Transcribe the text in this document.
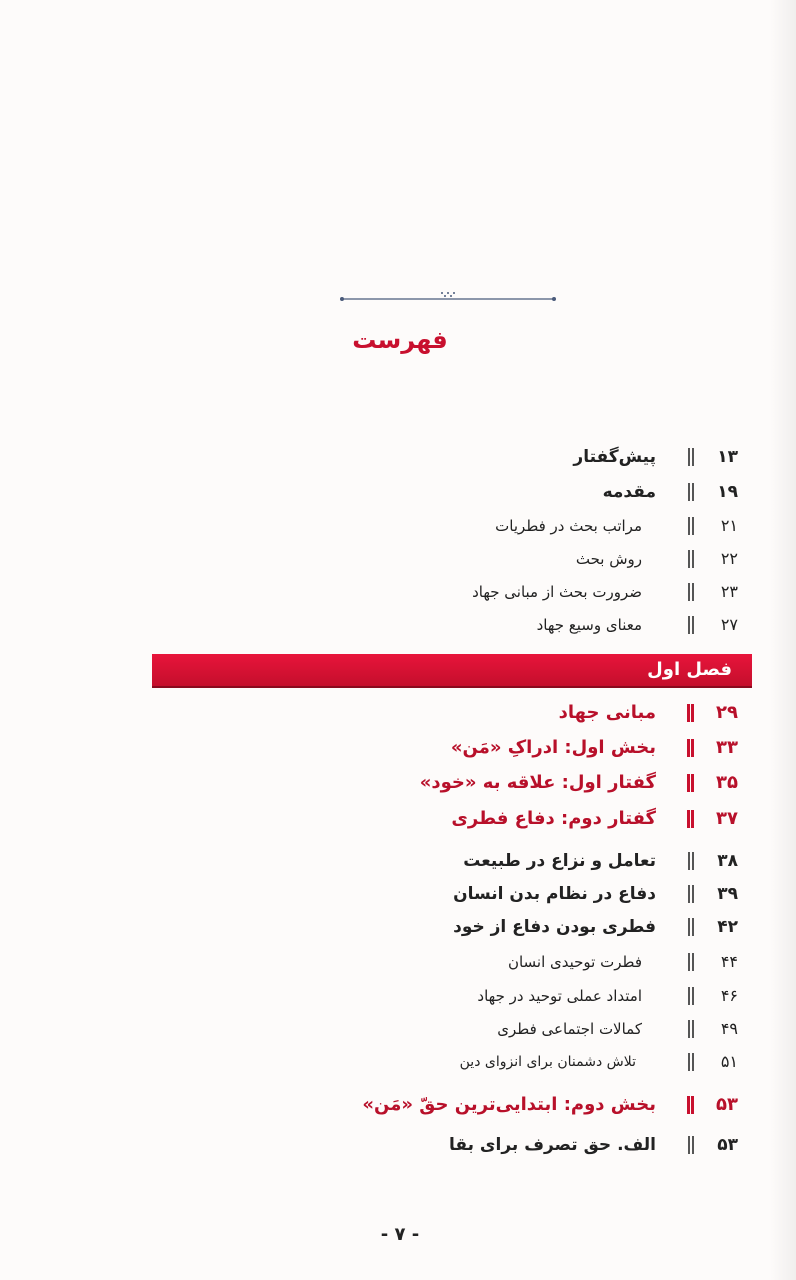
فهرست
۱۳
پیش‌گفتار
۱۹
مقدمه
۲۱
مراتب بحث در فطریات
۲۲
روش بحث
۲۳
ضرورت بحث از مبانی جهاد
۲۷
معنای وسیع جهاد
فصل اول
۲۹
مبانی جهاد
۳۳
بخش اول: ادراکِ «مَن»
۳۵
گفتار اول: علاقه به «خود»
۳۷
گفتار دوم: دفاع فطری
۳۸
تعامل و نزاع در طبیعت
۳۹
دفاع در نظام بدن انسان
۴۲
فطری بودن دفاع از خود
۴۴
فطرت توحیدی انسان
۴۶
امتداد عملی توحید در جهاد
۴۹
کمالات اجتماعی فطری
۵۱
تلاش دشمنان برای انزوای دین
۵۳
بخش دوم: ابتدایی‌ترین حقّ «مَن»
۵۳
الف. حق تصرف برای بقا
- ۷ -
